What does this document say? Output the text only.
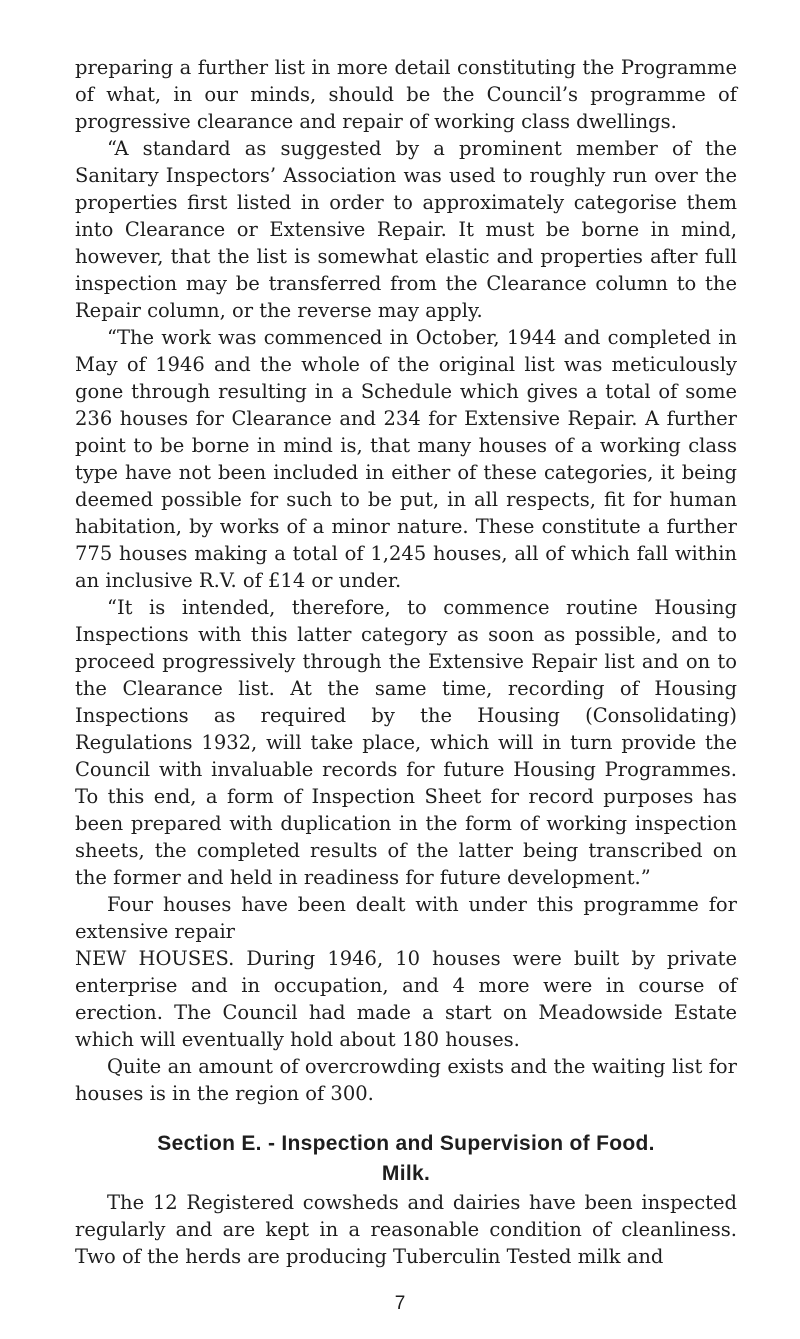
preparing a further list in more detail constituting the Programme of what, in our minds, should be the Council’s programme of progressive clearance and repair of working class dwellings.

“A standard as suggested by a prominent member of the Sanitary Inspectors’ Association was used to roughly run over the properties first listed in order to approximately categorise them into Clearance or Extensive Repair. It must be borne in mind, however, that the list is somewhat elastic and properties after full inspection may be transferred from the Clearance column to the Repair column, or the reverse may apply.

“The work was commenced in October, 1944 and completed in May of 1946 and the whole of the original list was meticulously gone through resulting in a Schedule which gives a total of some 236 houses for Clearance and 234 for Extensive Repair. A further point to be borne in mind is, that many houses of a working class type have not been included in either of these categories, it being deemed possible for such to be put, in all respects, fit for human habitation, by works of a minor nature. These constitute a further 775 houses making a total of 1,245 houses, all of which fall within an inclusive R.V. of £14 or under.

“It is intended, therefore, to commence routine Housing Inspections with this latter category as soon as possible, and to proceed progressively through the Extensive Repair list and on to the Clearance list. At the same time, recording of Housing Inspections as required by the Housing (Consolidating) Regulations 1932, will take place, which will in turn provide the Council with invaluable records for future Housing Programmes. To this end, a form of Inspection Sheet for record purposes has been prepared with duplication in the form of working inspection sheets, the completed results of the latter being transcribed on the former and held in readiness for future development.”

Four houses have been dealt with under this programme for extensive repair

NEW HOUSES. During 1946, 10 houses were built by private enterprise and in occupation, and 4 more were in course of erection. The Council had made a start on Meadowside Estate which will eventually hold about 180 houses.

Quite an amount of overcrowding exists and the waiting list for houses is in the region of 300.

Section E. - Inspection and Supervision of Food.
Milk.

The 12 Registered cowsheds and dairies have been inspected regularly and are kept in a reasonable condition of cleanliness. Two of the herds are producing Tuberculin Tested milk and

7
